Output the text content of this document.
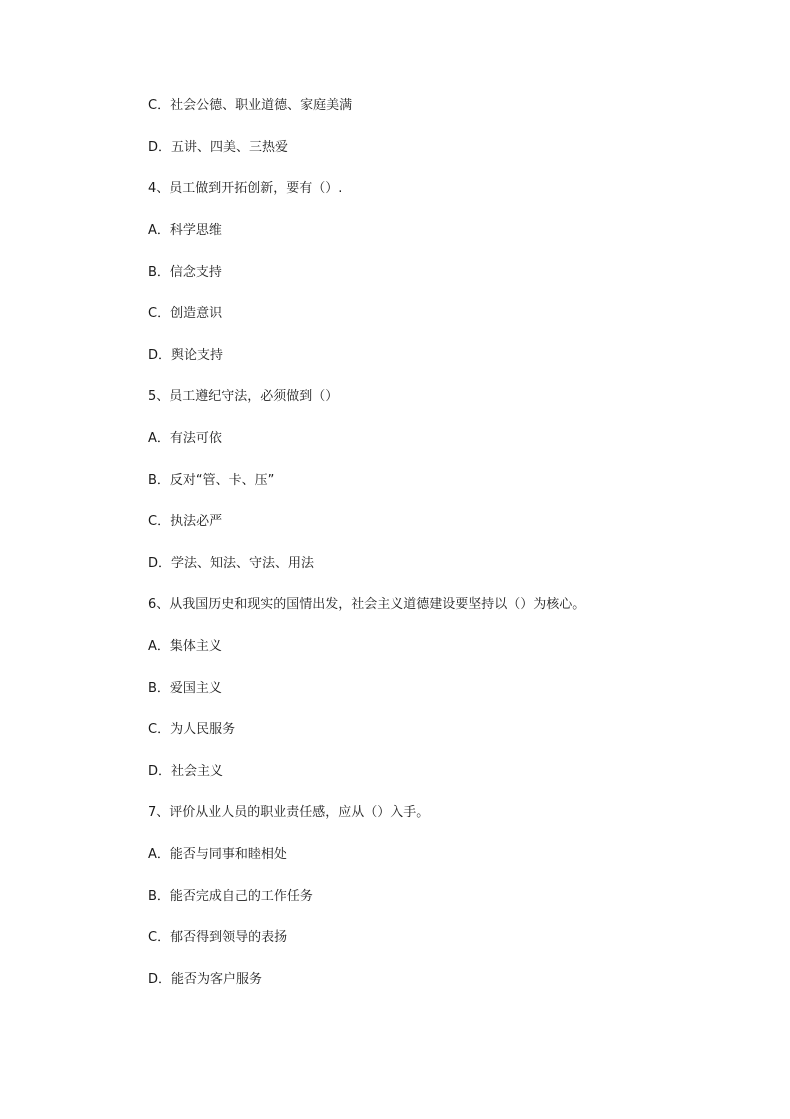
C．社会公德、职业道德、家庭美满
D．五讲、四美、三热爱
4、员工做到开拓创新，要有（）.
A．科学思维
B．信念支持
C．创造意识
D．舆论支持
5、员工遵纪守法，必须做到（）
A．有法可依
B．反对“管、卡、压”
C．执法必严
D．学法、知法、守法、用法
6、从我国历史和现实的国情出发，社会主义道德建设要坚持以（）为核心。
A．集体主义
B．爱国主义
C．为人民服务
D．社会主义
7、评价从业人员的职业责任感，应从（）入手。
A．能否与同事和睦相处
B．能否完成自己的工作任务
C．郁否得到领导的表扬
D．能否为客户服务
